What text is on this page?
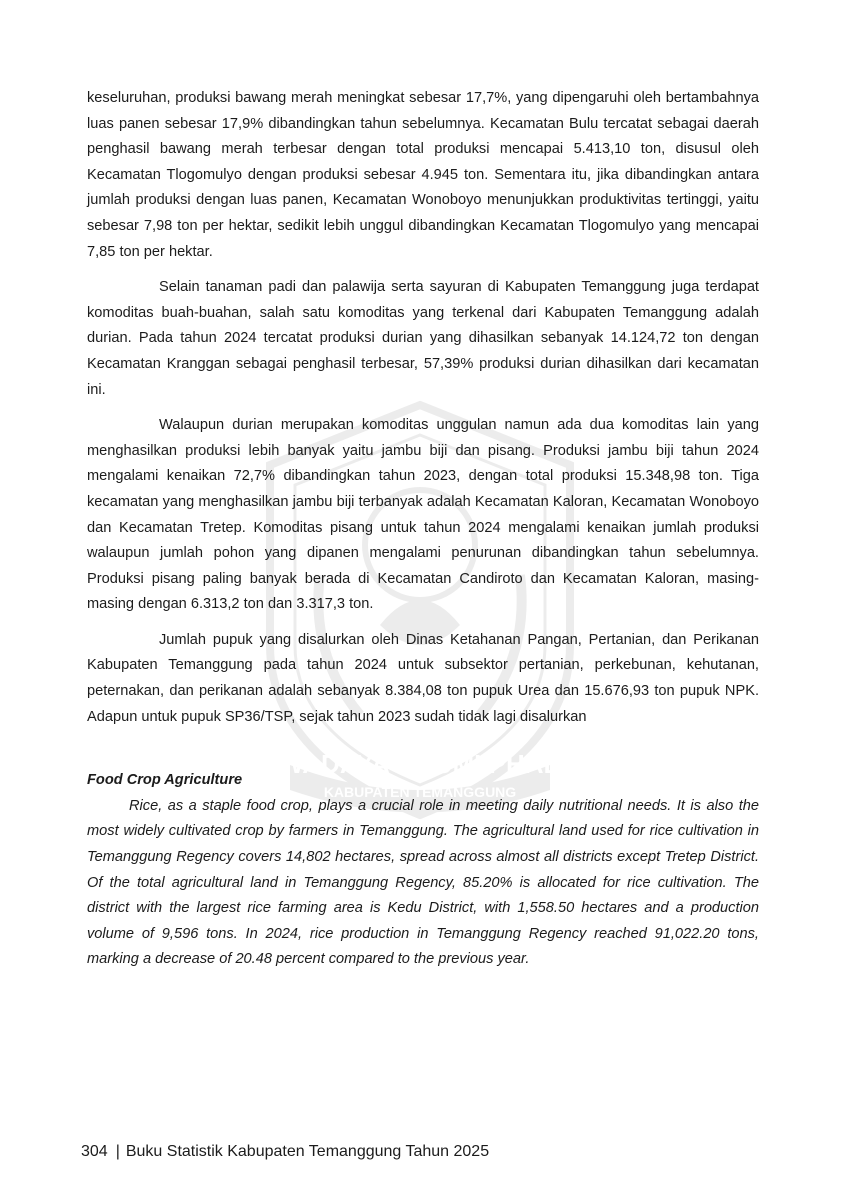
SWADAYA BHUMI PHALA
KABUPATEN TEMANGGUNG

keseluruhan, produksi bawang merah meningkat sebesar 17,7%, yang dipengaruhi oleh bertambahnya luas panen sebesar 17,9% dibandingkan tahun sebelumnya. Kecamatan Bulu tercatat sebagai daerah penghasil bawang merah terbesar dengan total produksi mencapai 5.413,10 ton, disusul oleh Kecamatan Tlogomulyo dengan produksi sebesar 4.945 ton. Sementara itu, jika dibandingkan antara jumlah produksi dengan luas panen, Kecamatan Wonoboyo menunjukkan produktivitas tertinggi, yaitu sebesar 7,98 ton per hektar, sedikit lebih unggul dibandingkan Kecamatan Tlogomulyo yang mencapai 7,85 ton per hektar.

Selain tanaman padi dan palawija serta sayuran di Kabupaten Temanggung juga terdapat komoditas buah-buahan, salah satu komoditas yang terkenal dari Kabupaten Temanggung adalah durian. Pada tahun 2024 tercatat produksi durian yang dihasilkan sebanyak 14.124,72 ton dengan Kecamatan Kranggan sebagai penghasil terbesar, 57,39% produksi durian dihasilkan dari kecamatan ini.

Walaupun durian merupakan komoditas unggulan namun ada dua komoditas lain yang menghasilkan produksi lebih banyak yaitu jambu biji dan pisang. Produksi jambu biji tahun 2024 mengalami kenaikan 72,7% dibandingkan tahun 2023, dengan total produksi 15.348,98 ton. Tiga kecamatan yang menghasilkan jambu biji terbanyak adalah Kecamatan Kaloran, Kecamatan Wonoboyo dan Kecamatan Tretep. Komoditas pisang untuk tahun 2024 mengalami kenaikan jumlah produksi walaupun jumlah pohon yang dipanen mengalami penurunan dibandingkan tahun sebelumnya. Produksi pisang paling banyak berada di Kecamatan Candiroto dan Kecamatan Kaloran, masing-masing dengan 6.313,2 ton dan 3.317,3 ton.

Jumlah pupuk yang disalurkan oleh Dinas Ketahanan Pangan, Pertanian, dan Perikanan Kabupaten Temanggung pada tahun 2024 untuk subsektor pertanian, perkebunan, kehutanan, peternakan, dan perikanan adalah sebanyak 8.384,08 ton pupuk Urea dan 15.676,93 ton pupuk NPK. Adapun untuk pupuk SP36/TSP, sejak tahun 2023 sudah tidak lagi disalurkan

Food Crop Agriculture

Rice, as a staple food crop, plays a crucial role in meeting daily nutritional needs. It is also the most widely cultivated crop by farmers in Temanggung. The agricultural land used for rice cultivation in Temanggung Regency covers 14,802 hectares, spread across almost all districts except Tretep District. Of the total agricultural land in Temanggung Regency, 85.20% is allocated for rice cultivation. The district with the largest rice farming area is Kedu District, with 1,558.50 hectares and a production volume of 9,596 tons. In 2024, rice production in Temanggung Regency reached 91,022.20 tons, marking a decrease of 20.48 percent compared to the previous year.

304 | Buku Statistik Kabupaten Temanggung Tahun 2025
